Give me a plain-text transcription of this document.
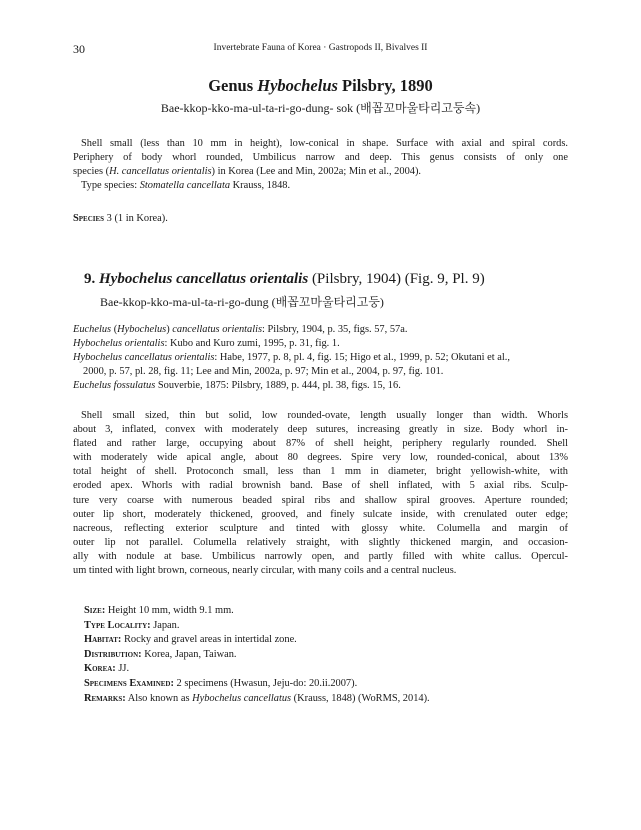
30	Invertebrate Fauna of Korea · Gastropods II, Bivalves II
Genus Hybochelus Pilsbry, 1890
Bae-kkop-kko-ma-ul-ta-ri-go-dung- sok (배꼽꼬마울타리고둥속)
Shell small (less than 10 mm in height), low-conical in shape. Surface with axial and spiral cords.
Periphery of body whorl rounded, Umbilicus narrow and deep. This genus consists of only one
species (H. cancellatus orientalis) in Korea (Lee and Min, 2002a; Min et al., 2004).
Type species: Stomatella cancellata Krauss, 1848.
Species 3 (1 in Korea).
9. Hybochelus cancellatus orientalis (Pilsbry, 1904) (Fig. 9, Pl. 9)
Bae-kkop-kko-ma-ul-ta-ri-go-dung (배꼽꼬마울타리고둥)
Euchelus (Hybochelus) cancellatus orientalis: Pilsbry, 1904, p. 35, figs. 57, 57a.
Hybochelus orientalis: Kubo and Kuro zumi, 1995, p. 31, fig. 1.
Hybochelus cancellatus orientalis: Habe, 1977, p. 8, pl. 4, fig. 15; Higo et al., 1999, p. 52; Okutani et al.,
2000, p. 57, pl. 28, fig. 11; Lee and Min, 2002a, p. 97; Min et al., 2004, p. 97, fig. 101.
Euchelus fossulatus Souverbie, 1875: Pilsbry, 1889, p. 444, pl. 38, figs. 15, 16.
Shell small sized, thin but solid, low rounded-ovate, length usually longer than width. Whorls
about 3, inflated, convex with moderately deep sutures, increasing greatly in size. Body whorl in-
flated and rather large, occupying about 87% of shell height, periphery regularly rounded. Shell
with moderately wide apical angle, about 80 degrees. Spire very low, rounded-conical, about 13%
total height of shell. Protoconch small, less than 1 mm in diameter, bright yellowish-white, with
eroded apex. Whorls with radial brownish band. Base of shell inflated, with 5 axial ribs. Sculp-
ture very coarse with numerous beaded spiral ribs and shallow spiral grooves. Aperture rounded;
outer lip short, moderately thickened, grooved, and finely sulcate inside, with crenulated outer edge;
nacreous, reflecting exterior sculpture and tinted with glossy white. Columella and margin of
outer lip not parallel. Columella relatively straight, with slightly thickened margin, and occasion-
ally with nodule at base. Umbilicus narrowly open, and partly filled with white callus. Opercul-
um tinted with light brown, corneous, nearly circular, with many coils and a central nucleus.
Size: Height 10 mm, width 9.1 mm.
Type Locality: Japan.
Habitat: Rocky and gravel areas in intertidal zone.
Distribution: Korea, Japan, Taiwan.
Korea: JJ.
Specimens Examined: 2 specimens (Hwasun, Jeju-do: 20.ii.2007).
Remarks: Also known as Hybochelus cancellatus (Krauss, 1848) (WoRMS, 2014).
